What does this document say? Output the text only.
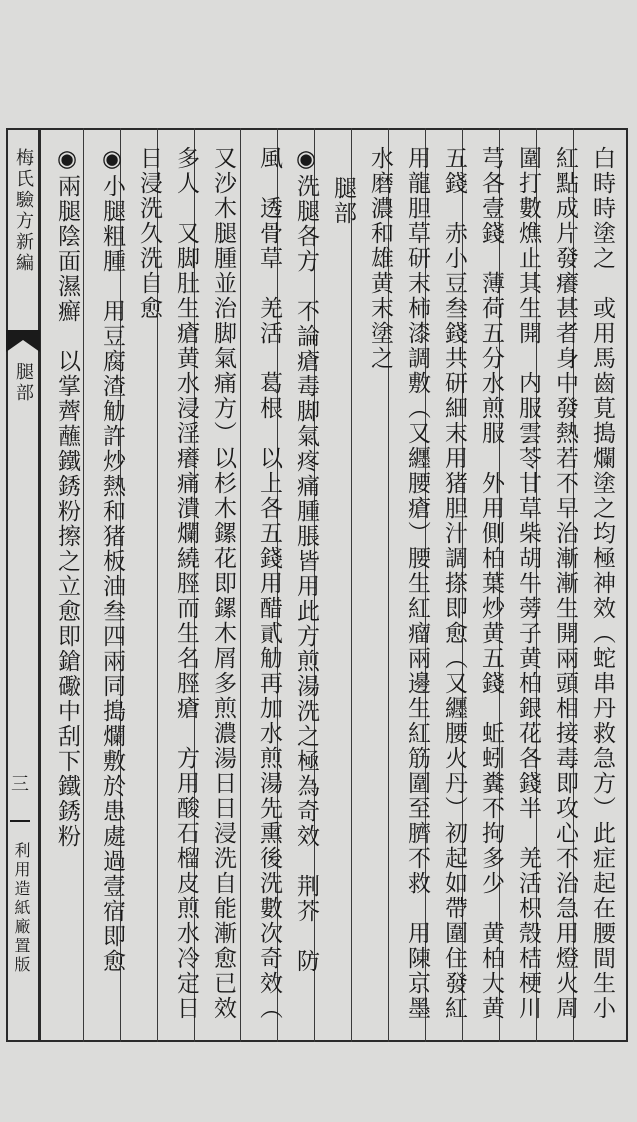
梅氏驗方新編
腿部
三
利用造紙廠置版	白時時塗之　或用馬齒莧搗爛塗之均極神效（蛇串丹救急方）此症起在腰間生小
紅點成片發癢甚者身中發熱若不早治漸漸生開兩頭相接毒即攻心不治急用燈火周
圍打數燋止其生開　内服雲苓甘草柴胡牛蒡子黄柏銀花各錢半　羌活枳殼桔梗川
芎各壹錢　薄荷五分水煎服　外用側柏葉炒黄五錢　蚯蚓糞不拘多少　黄柏大黄
五錢　赤小豆叁錢共研細末用猪胆汁調搽即愈（又纒腰火丹）初起如帶圍住發紅
用龍胆草研末柿漆調敷（又纒腰瘡）腰生紅瘤兩邊生紅筋圍至臍不救　用陳京墨
水磨濃和雄黄末塗之
腿部
◉洗腿各方　不論瘡毒脚氣疼痛腫脹皆用此方煎湯洗之極為奇效　荆芥　防
風　透骨草　羌活　葛根　以上各五錢用醋貳觔再加水煎湯先熏後洗數次奇效（
又沙木腿腫並治脚氣痛方）以杉木鏍花即鏍木屑多煎濃湯日日浸洗自能漸愈已效
多人　又脚肚生瘡黄水浸淫癢痛潰爛繞脛而生名脛瘡　方用酸石榴皮煎水冷定日
日浸洗久洗自愈
◉小腿粗腫　用豆腐渣觔許炒熱和猪板油叁四兩同搗爛敷於患處過壹宿即愈
◉兩腿陰面濕癬　以掌薺蘸鐵銹粉擦之立愈即鎗礮中刮下鐵銹粉
